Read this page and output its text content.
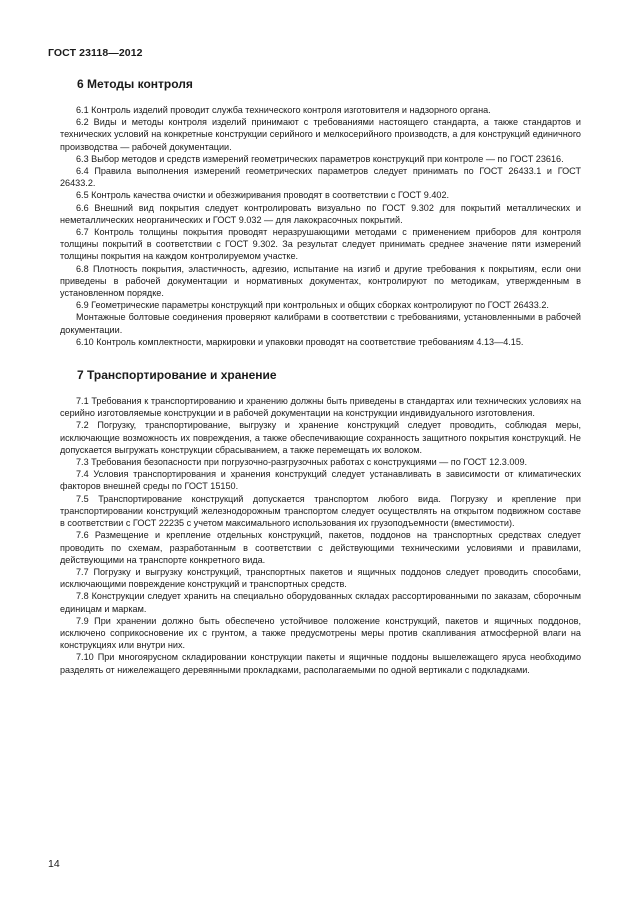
ГОСТ 23118—2012
6 Методы контроля

6.1 Контроль изделий проводит служба технического контроля изготовителя и надзорного органа.

6.2 Виды и методы контроля изделий принимают с требованиями настоящего стандарта, а также стандартов и технических условий на конкретные конструкции серийного и мелкосерийного производств, а для конструкций единичного производства — рабочей документации.

6.3 Выбор методов и средств измерений геометрических параметров конструкций при контроле — по ГОСТ 23616.

6.4 Правила выполнения измерений геометрических параметров следует принимать по ГОСТ 26433.1 и ГОСТ 26433.2.

6.5 Контроль качества очистки и обезжиривания проводят в соответствии с ГОСТ 9.402.

6.6 Внешний вид покрытия следует контролировать визуально по ГОСТ 9.302 для покрытий металлических и неметаллических неорганических и ГОСТ 9.032 — для лакокрасочных покрытий.

6.7 Контроль толщины покрытия проводят неразрушающими методами с применением приборов для контроля толщины покрытий в соответствии с ГОСТ 9.302. За результат следует принимать среднее значение пяти измерений толщины покрытия на каждом контролируемом участке.

6.8 Плотность покрытия, эластичность, адгезию, испытание на изгиб и другие требования к покрытиям, если они приведены в рабочей документации и нормативных документах, контролируют по методикам, утвержденным в установленном порядке.

6.9 Геометрические параметры конструкций при контрольных и общих сборках контролируют по ГОСТ 26433.2.

Монтажные болтовые соединения проверяют калибрами в соответствии с требованиями, установленными в рабочей документации.

6.10 Контроль комплектности, маркировки и упаковки проводят на соответствие требованиям 4.13—4.15.

7 Транспортирование и хранение

7.1 Требования к транспортированию и хранению должны быть приведены в стандартах или технических условиях на серийно изготовляемые конструкции и в рабочей документации на конструкции индивидуального изготовления.

7.2 Погрузку, транспортирование, выгрузку и хранение конструкций следует проводить, соблюдая меры, исключающие возможность их повреждения, а также обеспечивающие сохранность защитного покрытия конструкций. Не допускается выгружать конструкции сбрасыванием, а также перемещать их волоком.

7.3 Требования безопасности при погрузочно-разгрузочных работах с конструкциями — по ГОСТ 12.3.009.

7.4 Условия транспортирования и хранения конструкций следует устанавливать в зависимости от климатических факторов внешней среды по ГОСТ 15150.

7.5 Транспортирование конструкций допускается транспортом любого вида. Погрузку и крепление при транспортировании конструкций железнодорожным транспортом следует осуществлять на открытом подвижном составе в соответствии с ГОСТ 22235 с учетом максимального использования их грузоподъемности (вместимости).

7.6 Размещение и крепление отдельных конструкций, пакетов, поддонов на транспортных средствах следует проводить по схемам, разработанным в соответствии с действующими техническими условиями и правилами, действующими на транспорте конкретного вида.

7.7 Погрузку и выгрузку конструкций, транспортных пакетов и ящичных поддонов следует проводить способами, исключающими повреждение конструкций и транспортных средств.

7.8 Конструкции следует хранить на специально оборудованных складах рассортированными по заказам, сборочным единицам и маркам.

7.9 При хранении должно быть обеспечено устойчивое положение конструкций, пакетов и ящичных поддонов, исключено соприкосновение их с грунтом, а также предусмотрены меры против скапливания атмосферной влаги на конструкциях или внутри них.

7.10 При многоярусном складировании конструкции пакеты и ящичные поддоны вышележащего яруса необходимо разделять от нижележащего деревянными прокладками, располагаемыми по одной вертикали с подкладками.

14
